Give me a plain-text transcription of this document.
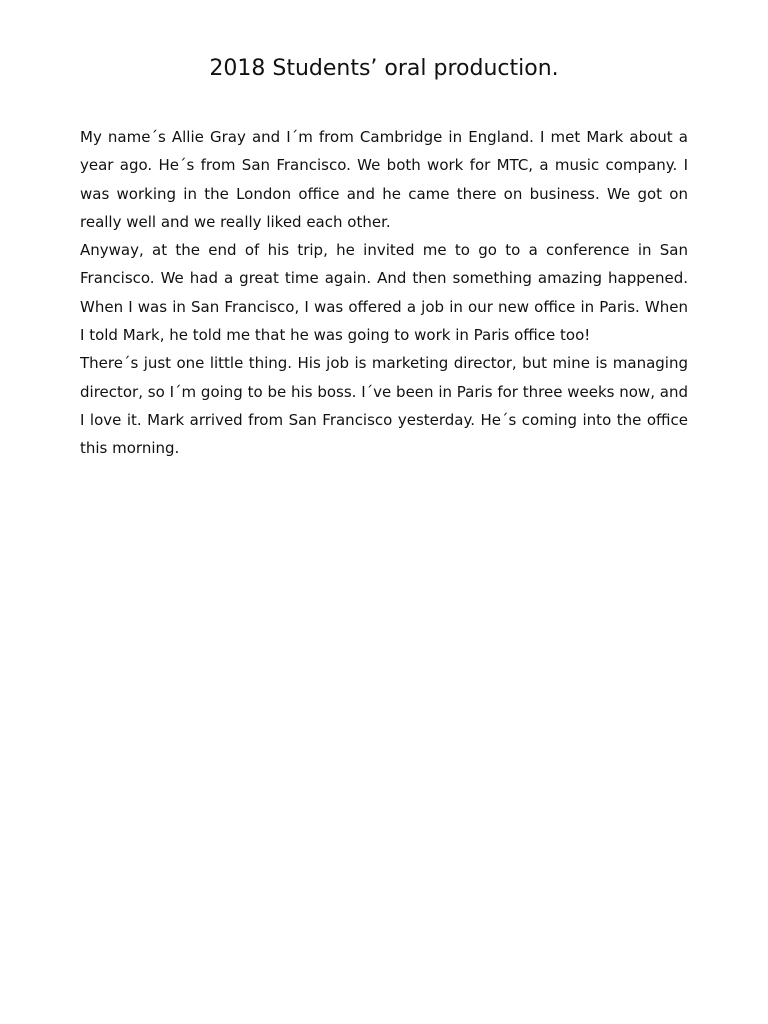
2018 Students’ oral production.

My name´s Allie Gray and I´m from Cambridge in England. I met Mark about a year ago. He´s from San Francisco. We both work for MTC, a music company. I was working in the London office and he came there on business. We got on really well and we really liked each other.

Anyway, at the end of his trip, he invited me to go to a conference in San Francisco. We had a great time again. And then something amazing happened. When I was in San Francisco, I was offered a job in our new office in Paris. When I told Mark, he told me that he was going to work in Paris office too!

There´s just one little thing. His job is marketing director, but mine is managing director, so I´m going to be his boss. I´ve been in Paris for three weeks now, and I love it. Mark arrived from San Francisco yesterday. He´s coming into the office this morning.
